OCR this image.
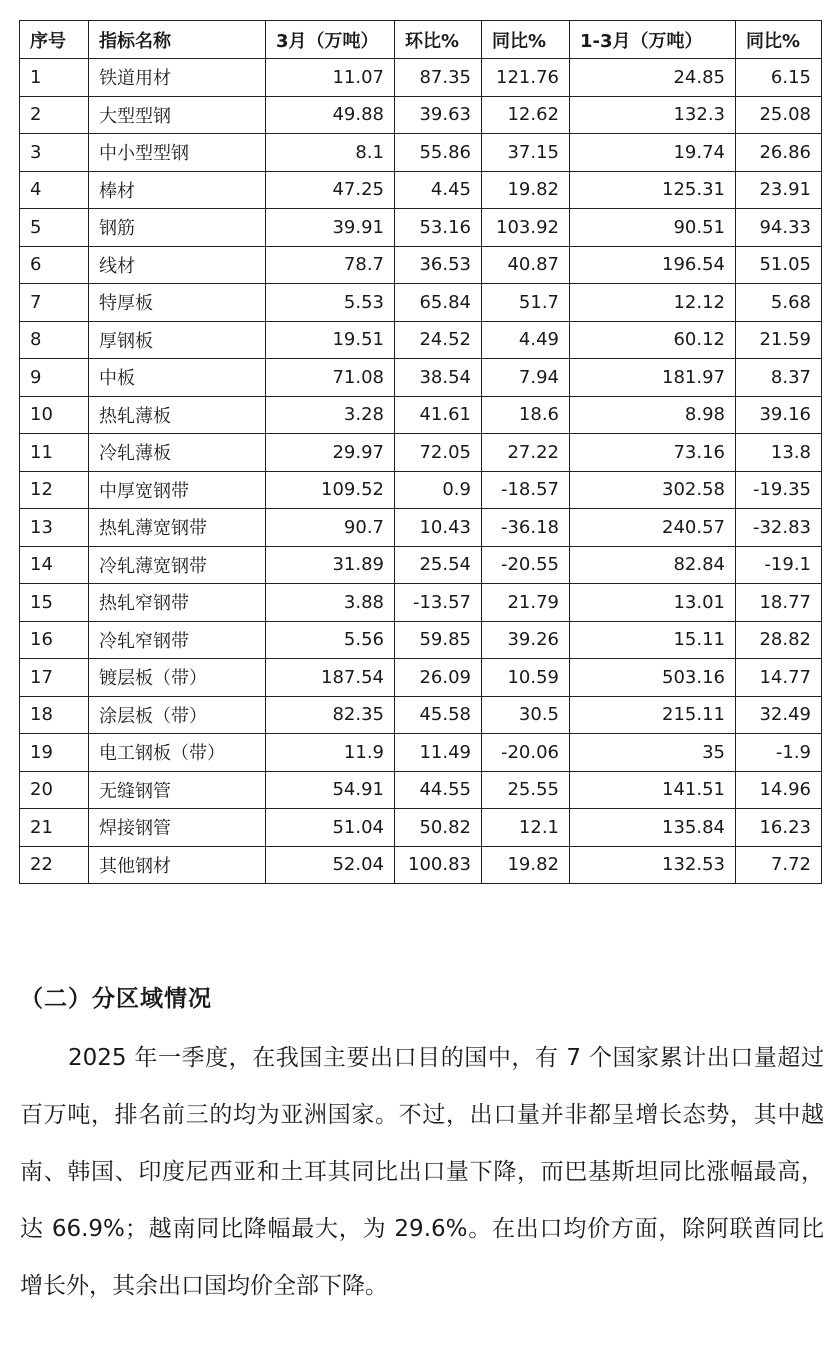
序号	指标名称	3月（万吨）	环比%	同比%	1-3月（万吨）	同比%
1	铁道用材	11.07	87.35	121.76	24.85	6.15
2	大型型钢	49.88	39.63	12.62	132.3	25.08
3	中小型型钢	8.1	55.86	37.15	19.74	26.86
4	棒材	47.25	4.45	19.82	125.31	23.91
5	钢筋	39.91	53.16	103.92	90.51	94.33
6	线材	78.7	36.53	40.87	196.54	51.05
7	特厚板	5.53	65.84	51.7	12.12	5.68
8	厚钢板	19.51	24.52	4.49	60.12	21.59
9	中板	71.08	38.54	7.94	181.97	8.37
10	热轧薄板	3.28	41.61	18.6	8.98	39.16
11	冷轧薄板	29.97	72.05	27.22	73.16	13.8
12	中厚宽钢带	109.52	0.9	-18.57	302.58	-19.35
13	热轧薄宽钢带	90.7	10.43	-36.18	240.57	-32.83
14	冷轧薄宽钢带	31.89	25.54	-20.55	82.84	-19.1
15	热轧窄钢带	3.88	-13.57	21.79	13.01	18.77
16	冷轧窄钢带	5.56	59.85	39.26	15.11	28.82
17	镀层板（带）	187.54	26.09	10.59	503.16	14.77
18	涂层板（带）	82.35	45.58	30.5	215.11	32.49
19	电工钢板（带）	11.9	11.49	-20.06	35	-1.9
20	无缝钢管	54.91	44.55	25.55	141.51	14.96
21	焊接钢管	51.04	50.82	12.1	135.84	16.23
22	其他钢材	52.04	100.83	19.82	132.53	7.72
（二）分区域情况

2025 年一季度，在我国主要出口目的国中，有 7 个国家累计出口量超过百万吨，排名前三的均为亚洲国家。不过，出口量并非都呈增长态势，其中越南、韩国、印度尼西亚和土耳其同比出口量下降，而巴基斯坦同比涨幅最高，达 66.9%；越南同比降幅最大，为 29.6%。在出口均价方面，除阿联酋同比增长外，其余出口国均价全部下降。
